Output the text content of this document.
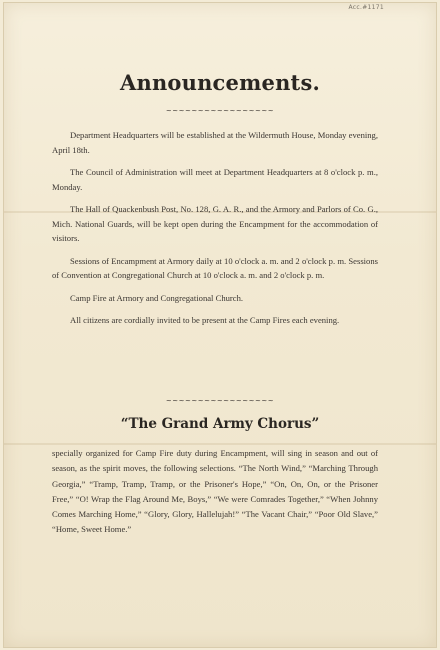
Acc.#1171
Announcements.
~~~~~~~~~~~~~~~~~

Department Headquarters will be established at the Wildermuth House, Monday evening, April 18th.

The Council of Administration will meet at Department Headquarters at 8 o'clock p. m., Monday.

The Hall of Quackenbush Post, No. 128, G. A. R., and the Armory and Parlors of Co. G., Mich. National Guards, will be kept open during the Encampment for the accommodation of visitors.

Sessions of Encampment at Armory daily at 10 o'clock a. m. and 2 o'clock p. m. Sessions of Convention at Congregational Church at 10 o'clock a. m. and 2 o'clock p. m.

Camp Fire at Armory and Congregational Church.

All citizens are cordially invited to be present at the Camp Fires each evening.

~~~~~~~~~~~~~~~~~
“The Grand Army Chorus”

specially organized for Camp Fire duty during Encampment, will sing in season and out of season, as the spirit moves, the following selections. “The North Wind,” “Marching Through Georgia,” “Tramp, Tramp, Tramp, or the Prisoner's Hope,” “On, On, On, or the Prisoner Free,” “O! Wrap the Flag Around Me, Boys,” “We were Comrades Together,” “When Johnny Comes Marching Home,” “Glory, Glory, Hallelujah!” “The Vacant Chair,” “Poor Old Slave,” “Home, Sweet Home.”
